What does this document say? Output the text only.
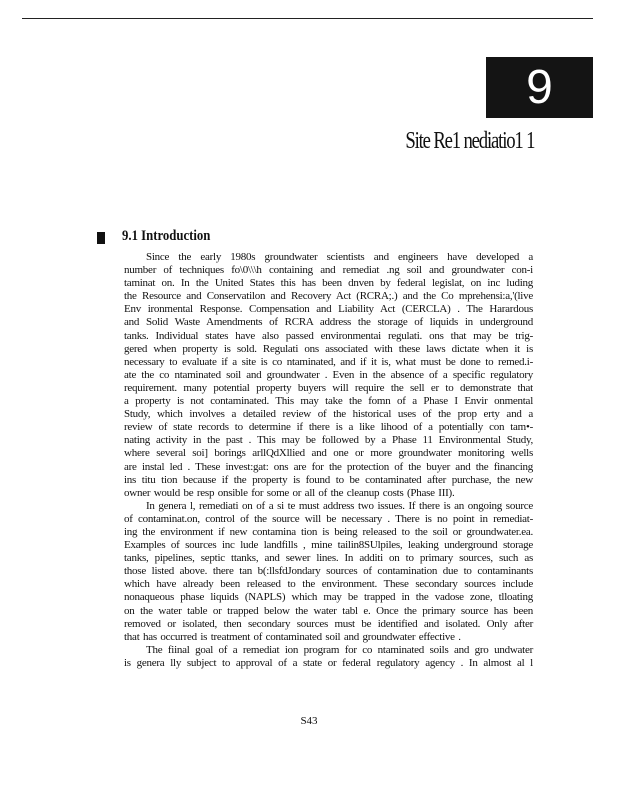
9
Site Re1 nediatio1 1
9.1 Introduction
Since the early 1980s groundwater scientists and engineers have developed a
number of techniques fo\0\\\h containing and remediat .ng soil and groundwater con-i
taminat on. In the United States this has been dnven by federal legislat, on inc luding
the Resource and Conservatilon and Recovery Act (RCRA;.) and the Co mprehensi:a,'(live
Env ironmental Response. Compensation and Liability Act (CERCLA) . The Harardous
and Solid Waste Amendments of RCRA address the storage of liquids in underground
tanks. Individual states have also passed environmentai regulati. ons that may be trig-
gered when property is sold. Regulati ons associated with these laws dictate when it is
necessary to evaluate if a site is co ntaminated, and if it is, what must be done to remed.i-
ate the co ntaminated soil and groundwater . Even in the absence of a specific regulatory
requirement. many potential property buyers will require the sell er to demonstrate that
a property is not contaminated. This may take the fomn of a Phase I Envir onmental
Study, which involves a detailed review of the historical uses of the prop erty and a
review of state records to determine if there is a like lihood of a potentially con tam•-
nating activity in the past . This may be followed by a Phase 11 Environmental Study,
where several soi] borings arllQdXllied and one or more groundwater monitoring wells
are instal led . These invest:gat: ons are for the protection of the buyer and the financing
ins titu tion because if the property is found to be contaminated after purchase, the new
owner would be resp onsible for some or all of the cleanup costs (Phase III).
In genera l, remediati on of a si te must address two issues. If there is an ongoing source
of contaminat.on, control of the source will be necessary . There is no point in remediat-
ing the environment if new contamina tion is being released to the soil or groundwater.ea.
Examples of sources inc lude landfills , mine tailin8SUlpiles, leaking underground storage
tanks, pipelines, septic ttanks, and sewer lines. In additi on to primary sources, such as
those listed above. there tan b(:llsfdJondary sources of contamination due to contaminants
which have already been released to the environment. These secondary sources include
nonaqueous phase liquids (NAPLS) which may be trapped in the vadose zone, tlloating
on the water table or trapped below the water tabl e. Once the primary source has been
removed or isolated, then secondary sources must be identified and isolated. Only after
that has occurred is treatment of contaminated soil and groundwater effective .
The fiinal goal of a remediat ion program for co ntaminated soils and gro undwater
is genera lly subject to approval of a state or federal regulatory agency . In almost al l
S43
